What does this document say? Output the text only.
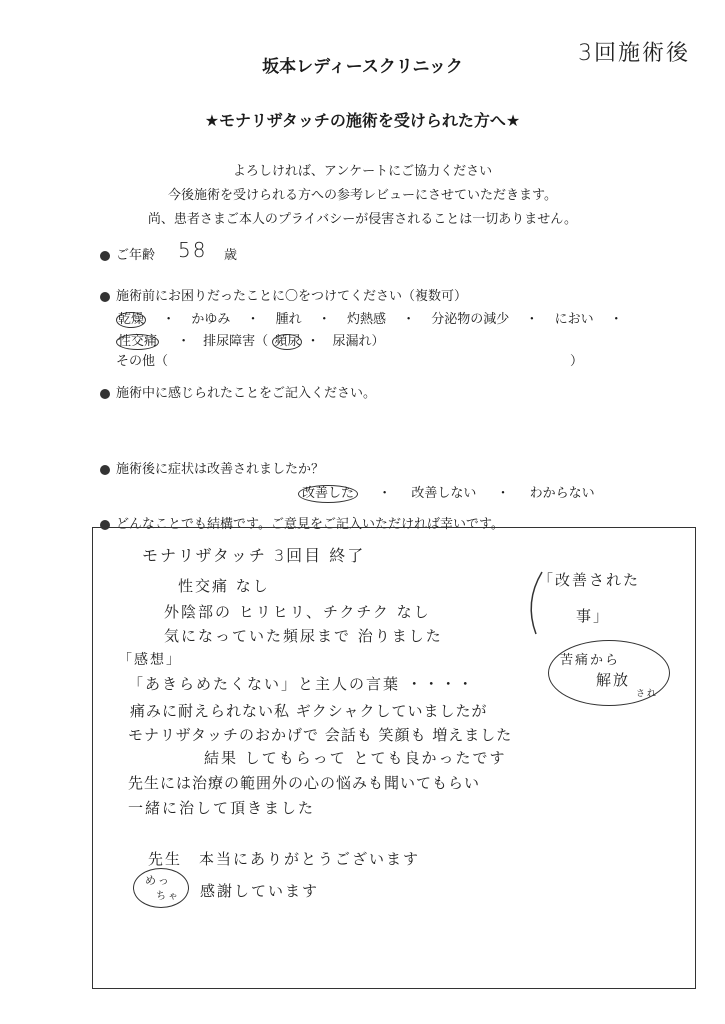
3回施術後
坂本レディースクリニック
★モナリザタッチの施術を受けられた方へ★
よろしければ、アンケートにご協力ください
今後施術を受けられる方への参考レビューにさせていただきます。
尚、患者さまご本人のプライバシーが侵害されることは一切ありません。
ご年齢 58 歳
施術前にお困りだったことに〇をつけてください（複数可）
乾燥 ・ かゆみ ・ 腫れ ・ 灼熱感 ・ 分泌物の減少 ・ におい ・
性交痛 ・　排尿障害（ 頻尿 ・　尿漏れ）
その他（	）
施術中に感じられたことをご記入ください。
施術後に症状は改善されましたか？
改善した ・ 改善しない ・ わからない
どんなことでも結構です。ご意見をご記入いただければ幸いです。
モナリザタッチ 3回目 終了
性交痛 なし
外陰部の ヒリヒリ、チクチク なし
気になっていた頻尿まで 治りました
「感想」
「あきらめたくない」と主人の言葉 ・・・・
痛みに耐えられない私 ギクシャクしていましたが
モナリザタッチのおかげで 会話も 笑顔も 増えました
結果 してもらって とても良かったです
先生には治療の範囲外の心の悩みも聞いてもらい
一緒に治して頂きました
先生　本当にありがとうございます
感謝しています
「改善された
事」
苦痛から
解放
され
めっ
ちゃ
